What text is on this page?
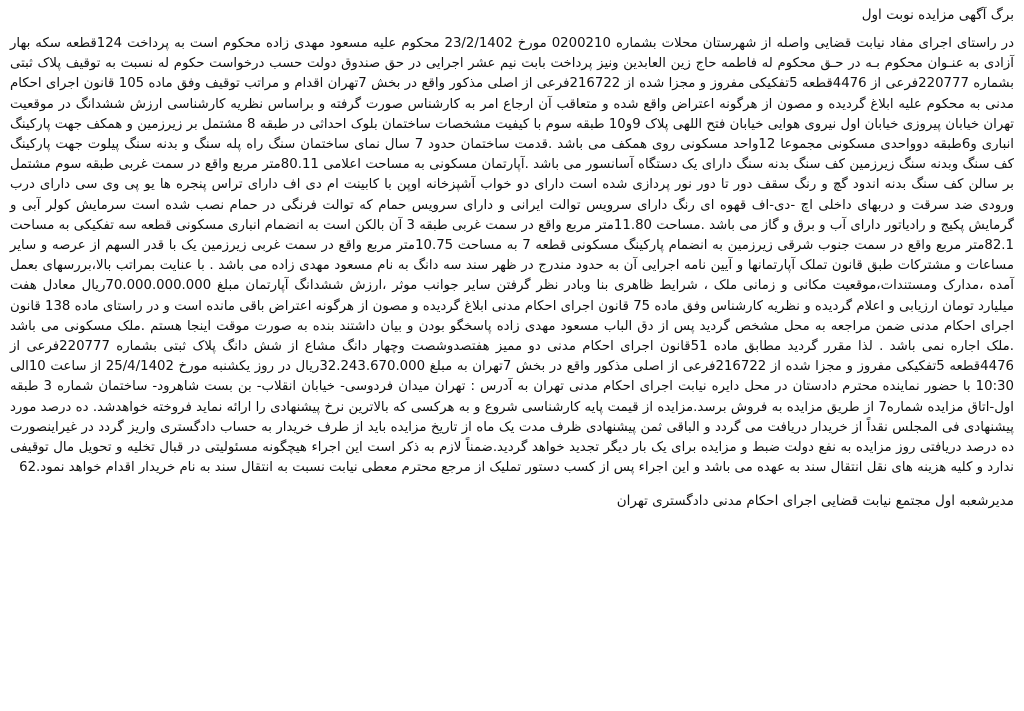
برگ آگهی مزایده نوبت اول

در راستای اجرای مفاد نیابت قضایی واصله از شهرستان محلات بشماره 0200210 مورخ 23/2/1402 محکوم علیه مسعود مهدی زاده محکوم است به پرداخت 124قطعه سکه بهار آزادی به عنـوان محکوم بـه در حـق محکوم له فاطمه حاج زین العابدین ونیز پرداخت بابت نیم عشر اجرایی در حق صندوق دولت حسب درخواست حکوم له نسبت به توقیف پلاک ثبتی بشماره 220777فرعی از 4476قطعه 5تفکیکی مفروز و مجزا شده از 216722فرعی از اصلی مذکور واقع در بخش 7تهران اقدام و مراتب توقیف وفق ماده 105 قانون اجرای احکام مدنی به محکوم علیه ابلاغ گردیده و مصون از هرگونه اعتراض واقع شده و متعاقب آن ارجاع امر به کارشناس صورت گرفته و براساس نظریه کارشناسی ارزش ششدانگ در موقعیت تهران خیابان پیروزی خیابان اول نیروی هوایی خیابان فتح اللهی پلاک 9و10 طبقه سوم با کیفیت مشخصات ساختمان بلوک احداثی در طبقه 8 مشتمل بر زیرزمین و همکف جهت پارکینگ انباری و6طبقه دوواحدی مسکونی مجموعا 12واحد مسکونی روی همکف می باشد .قدمت ساختمان حدود 7 سال نمای ساختمان سنگ راه پله سنگ و بدنه سنگ پیلوت جهت پارکینگ کف سنگ وبدنه سنگ زیرزمین کف سنگ بدنه سنگ دارای یک دستگاه آسانسور می باشد .آپارتمان مسکونی به مساحت اعلامی 80.11متر مربع واقع در سمت غربی طبقه سوم مشتمل بر سالن کف سنگ بدنه اندود گچ و رنگ سقف دور تا دور نور پردازی شده است دارای دو خواب آشپزخانه اوپن با کابینت ام دی اف دارای تراس پنجره ها یو پی وی سی دارای درب ورودی ضد سرقت و دربهای داخلی اچ -دی-اف قهوه ای رنگ دارای سرویس توالت ایرانی و دارای سرویس حمام که توالت فرنگی در حمام نصب شده است سرمایش کولر آبی و گرمایش پکیج و رادیاتور دارای آب و برق و گاز می باشد .مساحت 11.80متر مربع واقع در سمت غربی طبقه 3 آن بالکن است به انضمام انباری مسکونی قطعه سه تفکیکی به مساحت 82.1متر مربع واقع در سمت جنوب شرقی زیرزمین به انضمام پارکینگ مسکونی قطعه 7 به مساحت 10.75متر مربع واقع در سمت غربی زیرزمین یک با قدر السهم از عرصه و سایر مساعات و مشترکات طبق قانون تملک آپارتمانها و آیین نامه اجرایی آن به حدود مندرج در ظهر سند سه دانگ به نام مسعود مهدی زاده می باشد . با عنایت بمراتب بالا،بررسهای بعمل آمده ،مدارک ومستندات،موقعیت مکانی و زمانی ملک ، شرایط ظاهری بنا وبادر نظر گرفتن سایر جوانب موثر ،ارزش ششدانگ آپارتمان مبلغ 70.000.000.000ریال معادل هفت میلیارد تومان ارزیابی و اعلام گردیده و نظریه کارشناس وفق ماده 75 قانون اجرای احکام مدنی ابلاغ گردیده و مصون از هرگونه اعتراض باقی مانده است و در راستای ماده 138 قانون اجرای احکام مدنی ضمن مراجعه به محل مشخص گردید پس از دق الباب مسعود مهدی زاده پاسخگو بودن و بیان داشتند بنده به صورت موقت اینجا هستم .ملک مسکونی می باشد .ملک اجاره نمی باشد . لذا مقرر گردید مطابق ماده 51قانون اجرای احکام مدنی دو ممیز هفتصدوشصت وچهار دانگ مشاع از شش دانگ پلاک ثبتی بشماره 220777فرعی از 4476قطعه 5تفکیکی مفروز و مجزا شده از 216722فرعی از اصلی مذکور واقع در بخش 7تهران به مبلغ 32.243.670.000ریال در روز یکشنبه مورخ 25/4/1402 از ساعت 10الی 10:30 با حضور نماینده محترم دادستان در محل دایره نیابت اجرای احکام مدنی تهران به آدرس : تهران میدان فردوسی- خیابان انقلاب- بن بست شاهرود- ساختمان شماره 3 طبقه اول-اتاق مزایده شماره7 از طریق مزایده به فروش برسد.مزایده از قیمت پایه کارشناسی شروع و به هرکسی که بالاترین نرخ پیشنهادی را ارائه نماید فروخته خواهدشد. ده درصد مورد پیشنهادی فی المجلس نقداً از خریدار دریافت می گردد و الباقی ثمن پیشنهادی ظرف مدت یک ماه از تاریخ مزایده باید از طرف خریدار به حساب دادگستری واریز گردد در غیراینصورت ده درصد دریافتی روز مزایده به نفع دولت ضبط و مزایده برای یک بار دیگر تجدید خواهد گردید.ضمناً لازم به ذکر است این اجراء هیچگونه مسئولیتی در قبال تخلیه و تحویل مال توقیفی ندارد و کلیه هزینه های نقل انتقال سند به عهده می باشد و این اجراء پس از کسب دستور تملیک از مرجع محترم معطی نیابت نسبت به انتقال سند به نام خریدار اقدام خواهد نمود.62

مدیرشعبه اول مجتمع نیابت قضایی اجرای احکام مدنی دادگستری تهران
